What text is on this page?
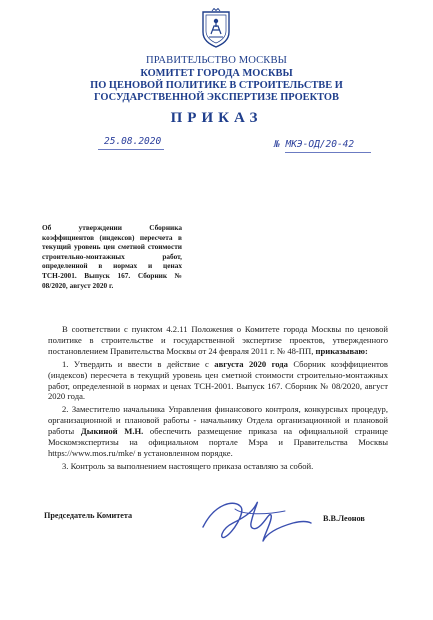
ПРАВИТЕЛЬСТВО МОСКВЫ
КОМИТЕТ ГОРОДА МОСКВЫ
ПО ЦЕНОВОЙ ПОЛИТИКЕ В СТРОИТЕЛЬСТВЕ И
ГОСУДАРСТВЕННОЙ ЭКСПЕРТИЗЕ ПРОЕКТОВ
ПРИКАЗ
25.08.2020	№ МКЭ-ОД/20-42
Об утверждении Сборника коэффициентов (индексов) пересчета в текущий уровень цен сметной стоимости строительно-монтажных работ, определенной в нормах и ценах ТСН-2001. Выпуск 167. Сборник № 08/2020, август 2020 г.

В соответствии с пунктом 4.2.11 Положения о Комитете города Москвы по ценовой политике в строительстве и государственной экспертизе проектов, утвержденного постановлением Правительства Москвы от 24 февраля 2011 г. № 48-ПП, приказываю:

1. Утвердить и ввести в действие с августа 2020 года Сборник коэффициентов (индексов) пересчета в текущий уровень цен сметной стоимости строительно-монтажных работ, определенной в нормах и ценах ТСН-2001. Выпуск 167. Сборник № 08/2020, август 2020 года.

2. Заместителю начальника Управления финансового контроля, конкурсных процедур, организационной и плановой работы - начальнику Отдела организационной и плановой работы Дыкиной М.Н. обеспечить размещение приказа на официальной странице Москомэкспертизы на официальном портале Мэра и Правительства Москвы https://www.mos.ru/mke/ в установленном порядке.

3. Контроль за выполнением настоящего приказа оставляю за собой.

Председатель Комитета	В.В.Леонов
